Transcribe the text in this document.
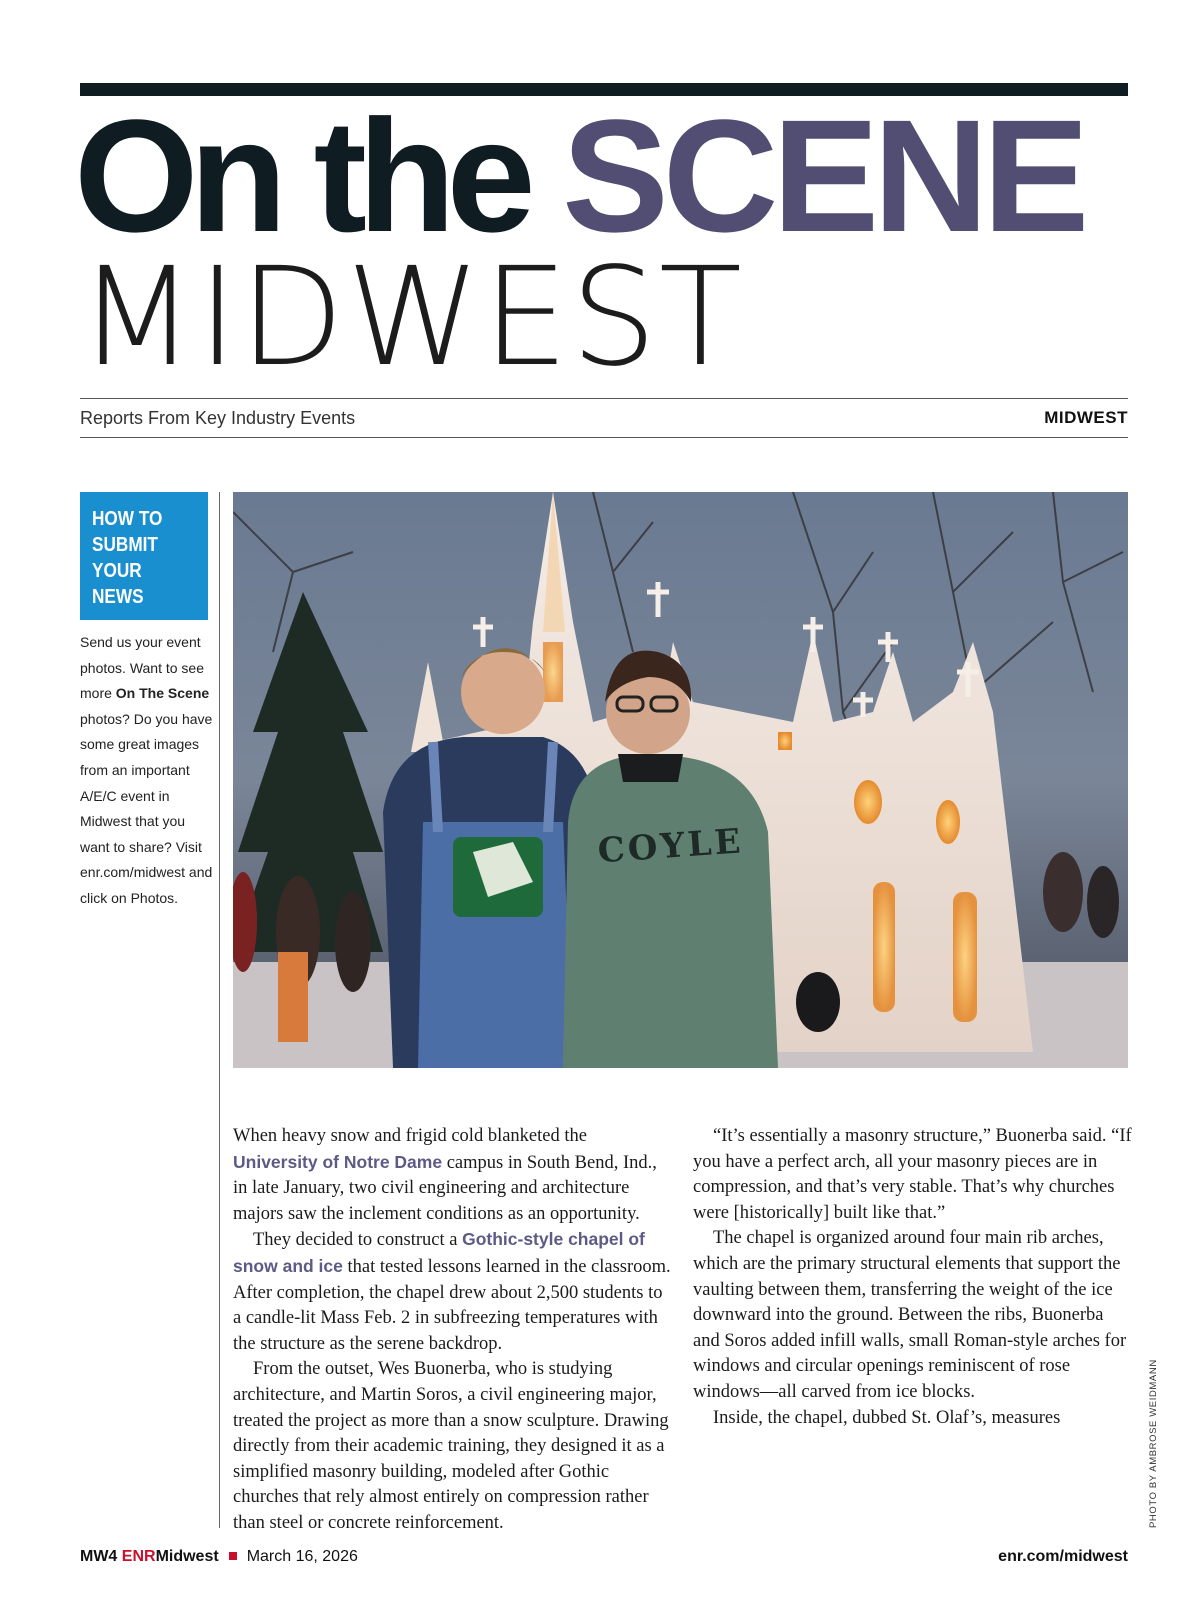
On the SCENE
MIDWEST
Reports From Key Industry Events	MIDWEST
HOW TO
SUBMIT
YOUR
NEWS
Send us your event photos. Want to see more On The Scene photos? Do you have some great images from an important A/E/C event in Midwest that you want to share? Visit enr.com/midwest and click on Photos.
COYLE
PHOTO BY AMBROSE WEIDMANN

When heavy snow and frigid cold blanketed the University of Notre Dame campus in South Bend, Ind., in late January, two civil engineering and architecture majors saw the inclement conditions as an opportunity.

They decided to construct a Gothic-style chapel of snow and ice that tested lessons learned in the classroom. After completion, the chapel drew about 2,500 students to a candle-lit Mass Feb. 2 in subfreezing temperatures with the structure as the serene backdrop.

From the outset, Wes Buonerba, who is studying architecture, and Martin Soros, a civil engineering major, treated the project as more than a snow sculpture. Drawing directly from their academic training, they designed it as a simplified masonry building, modeled after Gothic churches that rely almost entirely on compression rather than steel or concrete reinforcement.

“It’s essentially a masonry structure,” Buonerba said. “If you have a perfect arch, all your masonry pieces are in compression, and that’s very stable. That’s why churches were [historically] built like that.”

The chapel is organized around four main rib arches, which are the primary structural elements that support the vaulting between them, transferring the weight of the ice downward into the ground. Between the ribs, Buonerba and Soros added infill walls, small Roman-style arches for windows and circular openings reminiscent of rose windows—all carved from ice blocks.

Inside, the chapel, dubbed St. Olaf’s, measures

MW4 ENRMidwest March 16, 2026	enr.com/midwest
